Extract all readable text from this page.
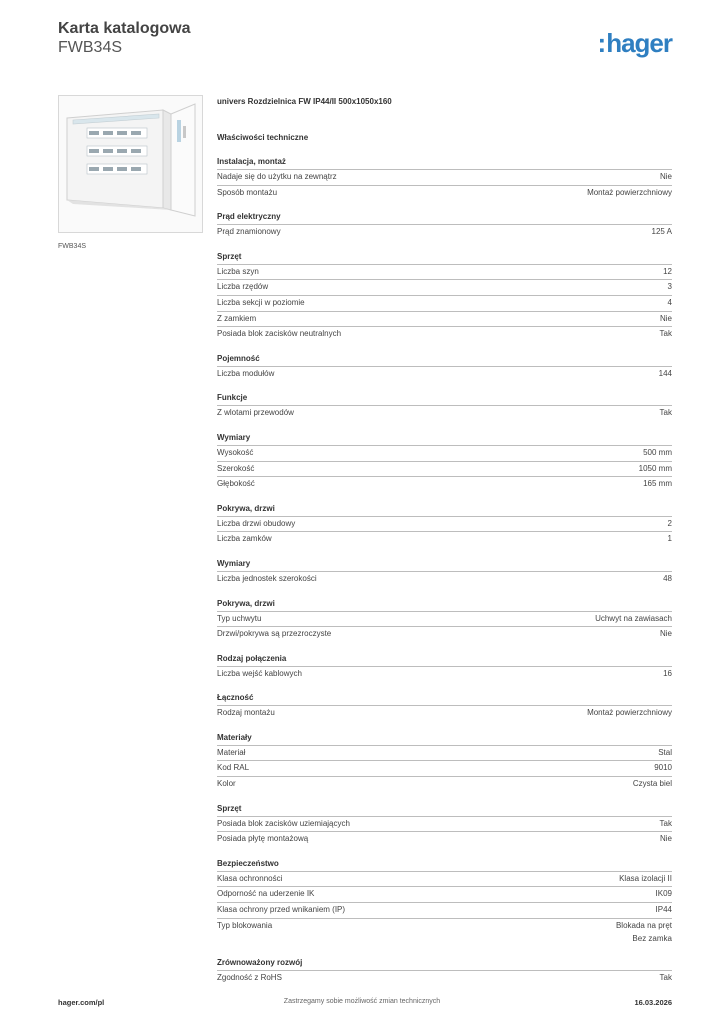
Karta katalogowa
FWB34S	:hager
FWB34S
univers Rozdzielnica FW IP44/II 500x1050x160
Właściwości techniczne
Instalacja, montaż
Nadaje się do użytku na zewnątrz	Nie
Sposób montażu	Montaż powierzchniowy
Prąd elektryczny
Prąd znamionowy	125 A
Sprzęt
Liczba szyn	12
Liczba rzędów	3
Liczba sekcji w poziomie	4
Z zamkiem	Nie
Posiada blok zacisków neutralnych	Tak
Pojemność
Liczba modułów	144
Funkcje
Z wlotami przewodów	Tak
Wymiary
Wysokość	500 mm
Szerokość	1050 mm
Głębokość	165 mm
Pokrywa, drzwi
Liczba drzwi obudowy	2
Liczba zamków	1
Wymiary
Liczba jednostek szerokości	48
Pokrywa, drzwi
Typ uchwytu	Uchwyt na zawiasach
Drzwi/pokrywa są przezroczyste	Nie
Rodzaj połączenia
Liczba wejść kablowych	16
Łączność
Rodzaj montażu	Montaż powierzchniowy
Materiały
Materiał	Stal
Kod RAL	9010
Kolor	Czysta biel
Sprzęt
Posiada blok zacisków uziemiających	Tak
Posiada płytę montażową	Nie
Bezpieczeństwo
Klasa ochronności	Klasa izolacji II
Odporność na uderzenie IK	IK09
Klasa ochrony przed wnikaniem (IP)	IP44
Typ blokowania	Blokada na pręt
Bez zamka
Zrównoważony rozwój
Zgodność z RoHS	Tak
hager.com/pl	Zastrzegamy sobie możliwość zmian technicznych	16.03.2026
